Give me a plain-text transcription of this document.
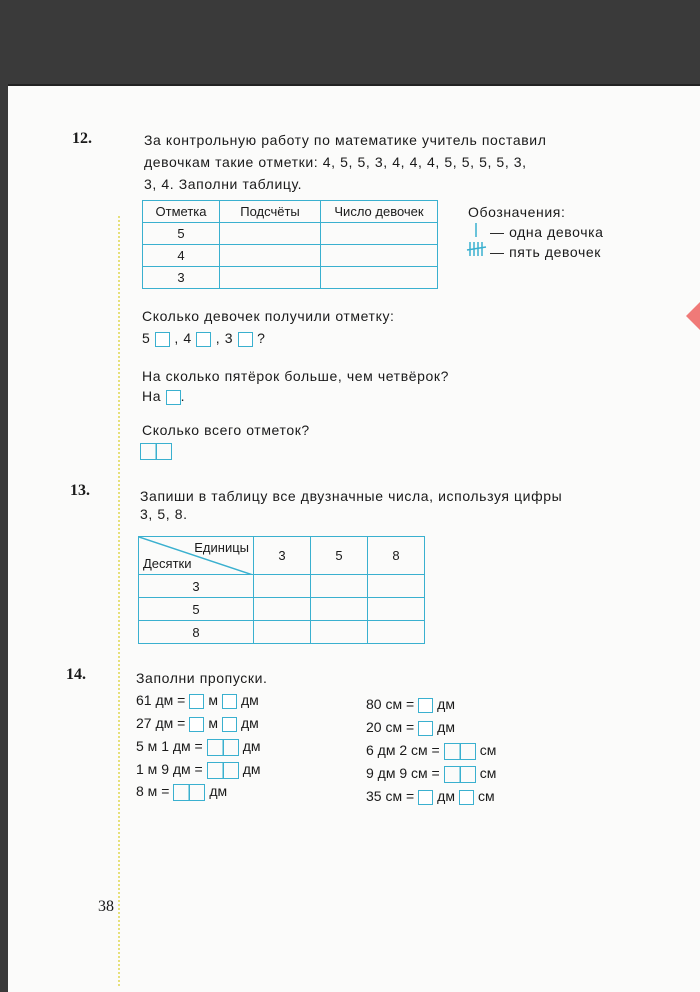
12.	За контрольную работу по математике учитель поставил
девочкам такие отметки: 4, 5, 5, 3, 4, 4, 4, 5, 5, 5, 5, 3,
3, 4. Заполни таблицу.
Отметка	Подсчёты	Число девочек
5		
4		
3		
Обозначения:
— одна девочка
— пять девочек
Сколько девочек получили отметку:
5 , 4 , 3 ?
На сколько пятёрок больше, чем четвёрок?
На .
Сколько всего отметок?
13.	Запиши в таблицу все двузначные числа, используя цифры
3, 5, 8.
Единицы
Десятки	3	5	8
3			
5			
8			
14.	Заполни пропуски.
61 дм = м дм
27 дм = м дм
5 м 1 дм =	дм
1 м 9 дм =	дм
8 м =	дм
80 см = дм
20 см = дм
6 дм 2 см =	см
9 дм 9 см =	см
35 см = дм см
38
